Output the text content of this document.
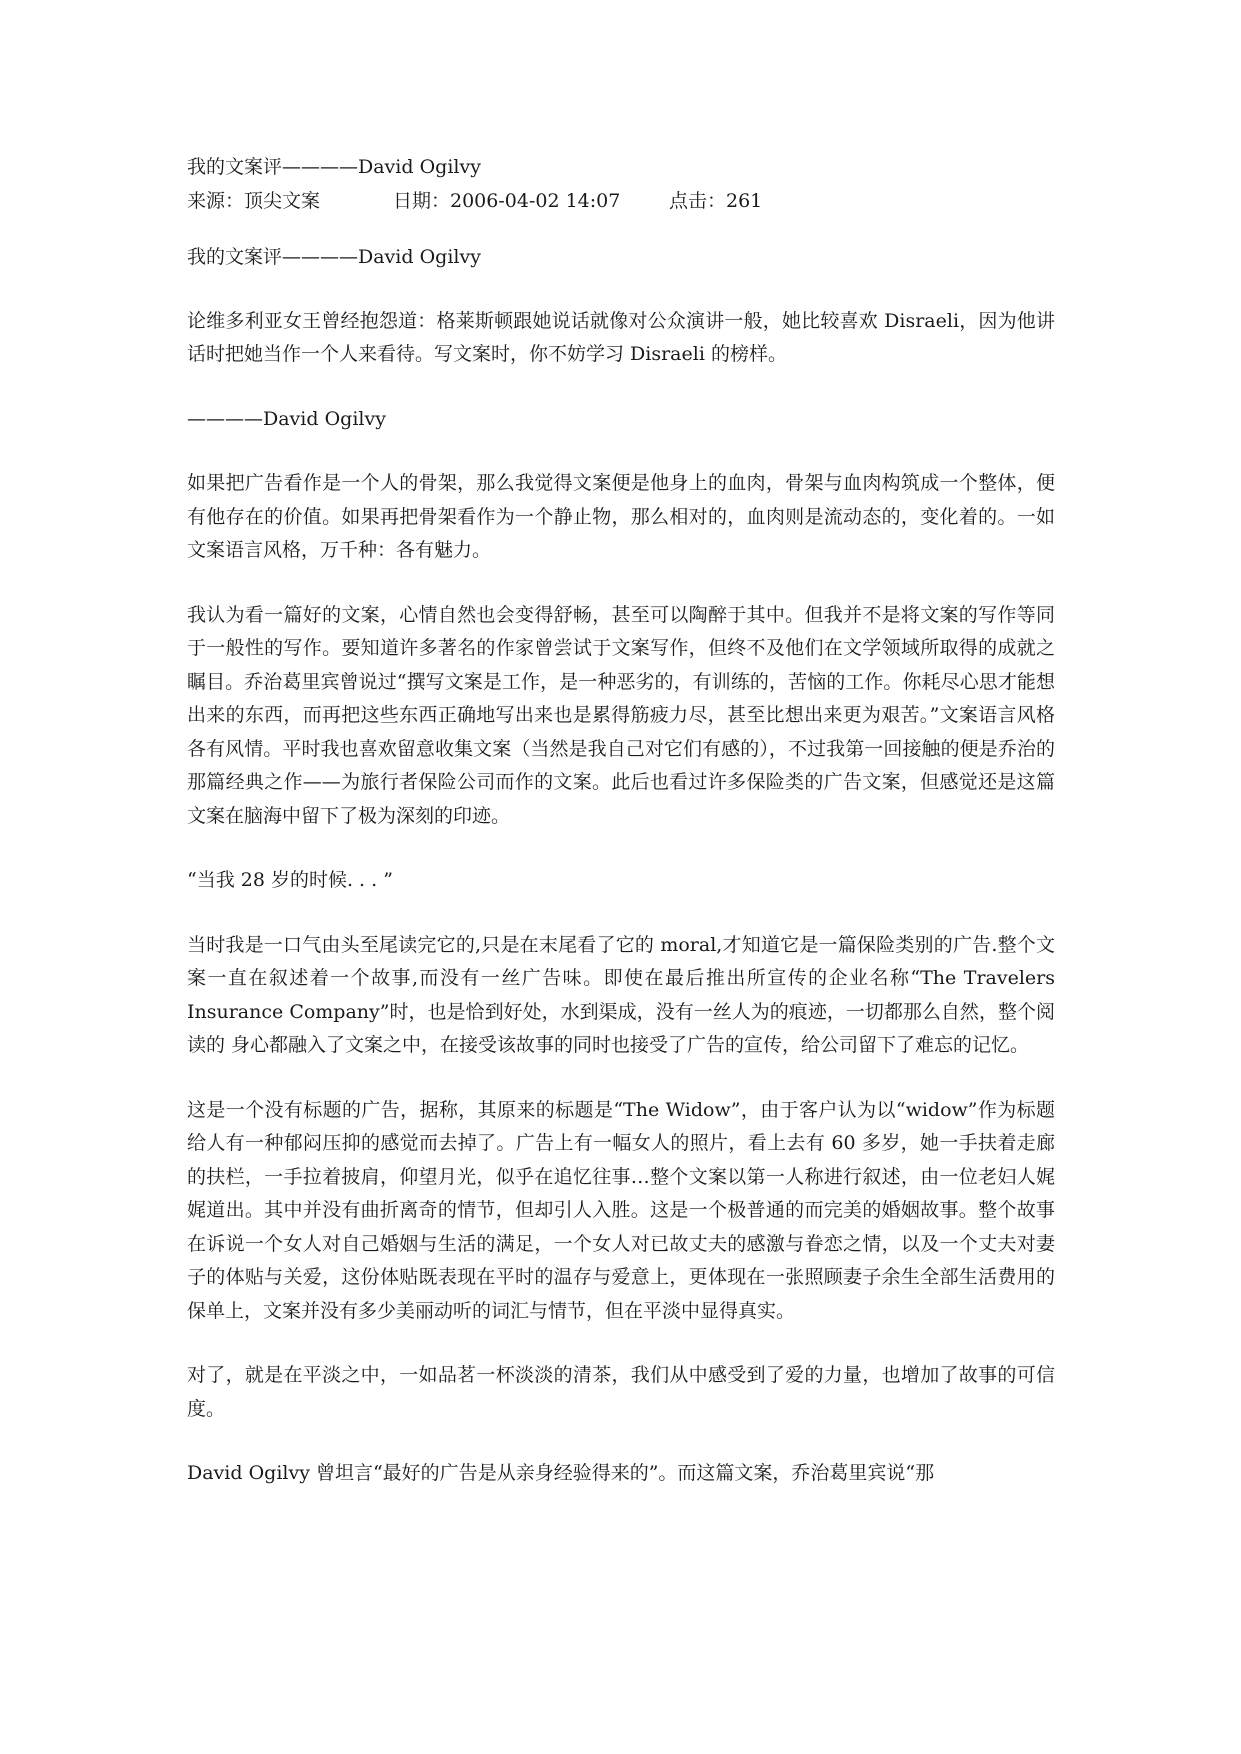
我的文案评————David Ogilvy

来源：顶尖文案	日期：2006-04-02 14:07	点击：261

我的文案评————David Ogilvy

论维多利亚女王曾经抱怨道：格莱斯顿跟她说话就像对公众演讲一般，她比较喜欢 Disraeli，因为他讲话时把她当作一个人来看待。写文案时，你不妨学习 Disraeli 的榜样。

————David Ogilvy

如果把广告看作是一个人的骨架，那么我觉得文案便是他身上的血肉，骨架与血肉构筑成一个整体，便有他存在的价值。如果再把骨架看作为一个静止物，那么相对的，血肉则是流动态的，变化着的。一如文案语言风格，万千种：各有魅力。

我认为看一篇好的文案，心情自然也会变得舒畅，甚至可以陶醉于其中。但我并不是将文案的写作等同于一般性的写作。要知道许多著名的作家曾尝试于文案写作，但终不及他们在文学领域所取得的成就之瞩目。乔治葛里宾曾说过“撰写文案是工作，是一种恶劣的，有训练的，苦恼的工作。你耗尽心思才能想出来的东西，而再把这些东西正确地写出来也是累得筋疲力尽，甚至比想出来更为艰苦。”文案语言风格各有风情。平时我也喜欢留意收集文案（当然是我自己对它们有感的），不过我第一回接触的便是乔治的那篇经典之作——为旅行者保险公司而作的文案。此后也看过许多保险类的广告文案，但感觉还是这篇文案在脑海中留下了极为深刻的印迹。

“当我 28 岁的时候. . . ”

当时我是一口气由头至尾读完它的,只是在末尾看了它的 moral,才知道它是一篇保险类别的广告.整个文案一直在叙述着一个故事,而没有一丝广告味。即使在最后推出所宣传的企业名称“The Travelers Insurance Company”时，也是恰到好处，水到渠成，没有一丝人为的痕迹，一切都那么自然，整个阅读的 身心都融入了文案之中，在接受该故事的同时也接受了广告的宣传，给公司留下了难忘的记忆。

这是一个没有标题的广告，据称，其原来的标题是“The Widow”，由于客户认为以“widow”作为标题给人有一种郁闷压抑的感觉而去掉了。广告上有一幅女人的照片，看上去有 60 多岁，她一手扶着走廊的扶栏，一手拉着披肩，仰望月光，似乎在追忆往事…整个文案以第一人称进行叙述，由一位老妇人娓娓道出。其中并没有曲折离奇的情节，但却引人入胜。这是一个极普通的而完美的婚姻故事。整个故事在诉说一个女人对自己婚姻与生活的满足，一个女人对已故丈夫的感激与眷恋之情，以及一个丈夫对妻子的体贴与关爱，这份体贴既表现在平时的温存与爱意上，更体现在一张照顾妻子余生全部生活费用的保单上，文案并没有多少美丽动听的词汇与情节，但在平淡中显得真实。

对了，就是在平淡之中，一如品茗一杯淡淡的清茶，我们从中感受到了爱的力量，也增加了故事的可信度。

David Ogilvy 曾坦言“最好的广告是从亲身经验得来的”。而这篇文案，乔治葛里宾说“那
